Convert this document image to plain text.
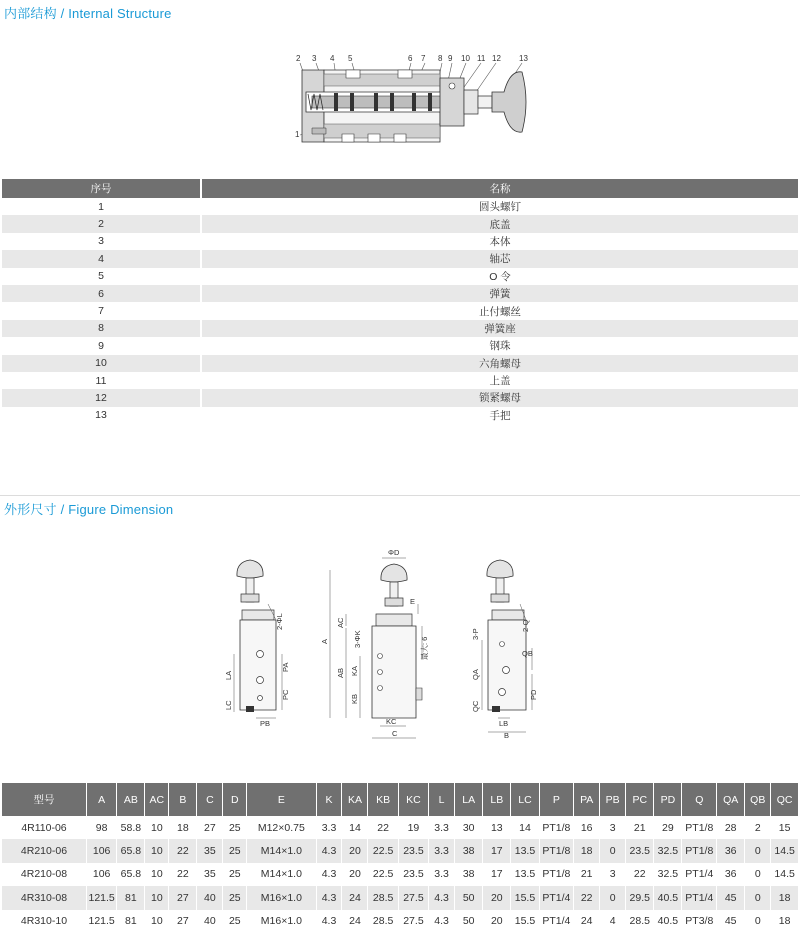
内部结构 / Internal Structure
2 3 4 5	6 7 8 9 10 11 12 13
1
序号	名称
1	圆头螺钉
2	底盖
3	本体
4	轴芯
5	O 令
6	弹簧
7	止付螺丝
8	弹簧座
9	钢珠
10	六角螺母
11	上盖
12	锁紧螺母
13	手把
外形尺寸 / Figure Dimension
2-ΦL
LA
PA
PC
LC
PB
ΦD
E
A
AC
3-ΦK
AB KA
KB
最大: 6
KC
C
2-Q
3-P
QB
QA
PD
QC
LB
B
型号	A	AB	AC	B	C	D	E	K	KA	KB	KC	L	LA	LB	LC	P	PA	PB	PC	PD	Q	QA	QB	QC
4R110-06	98	58.8	10	18	27	25	M12×0.75	3.3	14	22	19	3.3	30	13	14	PT1/8	16	3	21	29	PT1/8	28	2	15
4R210-06	106	65.8	10	22	35	25	M14×1.0	4.3	20	22.5	23.5	3.3	38	17	13.5	PT1/8	18	0	23.5	32.5	PT1/8	36	0	14.5
4R210-08	106	65.8	10	22	35	25	M14×1.0	4.3	20	22.5	23.5	3.3	38	17	13.5	PT1/8	21	3	22	32.5	PT1/4	36	0	14.5
4R310-08	121.5	81	10	27	40	25	M16×1.0	4.3	24	28.5	27.5	4.3	50	20	15.5	PT1/4	22	0	29.5	40.5	PT1/4	45	0	18
4R310-10	121.5	81	10	27	40	25	M16×1.0	4.3	24	28.5	27.5	4.3	50	20	15.5	PT1/4	24	4	28.5	40.5	PT3/8	45	0	18
